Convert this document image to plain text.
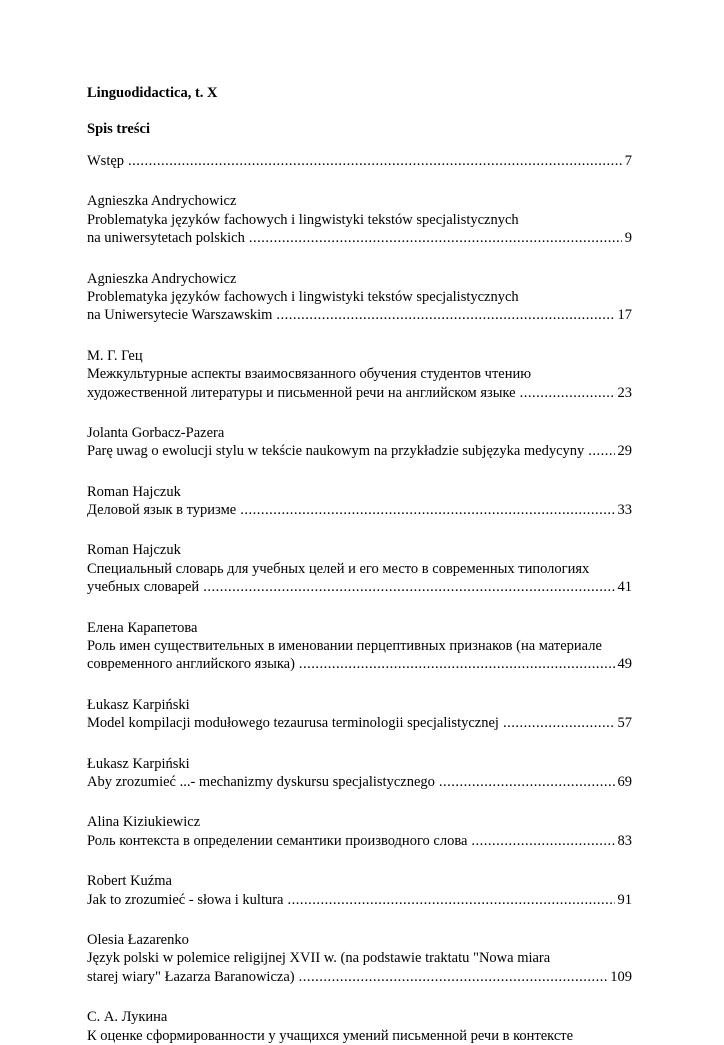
Linguodidactica, t. X
Spis treści
Wstęp .....	7
Agnieszka Andrychowicz
Problematyka języków fachowych i lingwistyki tekstów specjalistycznych
na uniwersytetach polskich .....	9
Agnieszka Andrychowicz
Problematyka języków fachowych i lingwistyki tekstów specjalistycznych
na Uniwersytecie Warszawskim .....	17
М. Г. Гец
Межкультурные аспекты взаимосвязанного обучения студентов чтению
художественной литературы и письменной речи на английском языке .....	23
Jolanta Gorbacz-Pazera
Parę uwag o ewolucji stylu w tekście naukowym na przykładzie subjęzyka medycyny ..... 29
Roman Hajczuk
Деловой язык в туризме .....	33
Roman Hajczuk
Специальный словарь для учебных целей и его место в современных типологиях
учебных словарей .....	41
Елена Карапетова
Роль имен существительных в именовании перцептивных признаков (на материале
современного английского языка) .....	49
Łukasz Karpiński
Model kompilacji modułowego tezaurusa terminologii specjalistycznej .....	57
Łukasz Karpiński
Aby zrozumieć ...- mechanizmy dyskursu specjalistycznego .....	69
Alina Kiziukiewicz
Роль контекста в определении семантики производного слова .....	83
Robert Kuźma
Jak to zrozumieć - słowa i kultura .....	91
Olesia Łazarenko
Język polski w polemice religijnej XVII w. (na podstawie traktatu "Nowa miara
starej wiary" Łazarza Baranowicza) .....	109
С. А. Лукина
К оценке сформированности у учащихся умений письменной речи в контексте
